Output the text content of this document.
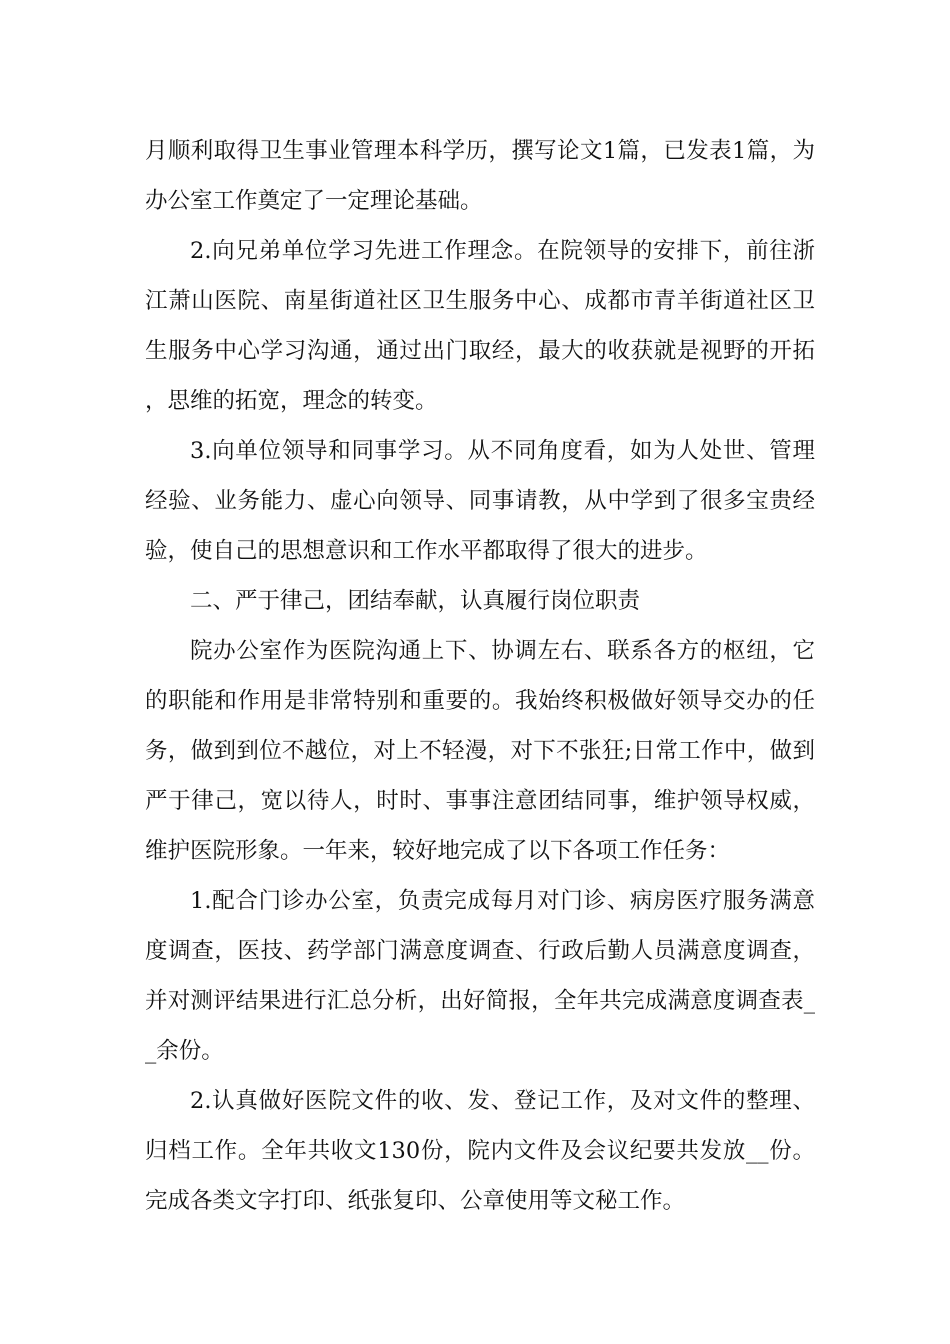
月顺利取得卫生事业管理本科学历，撰写论文1篇，已发表1篇，为办公室工作奠定了一定理论基础。

2.向兄弟单位学习先进工作理念。在院领导的安排下，前往浙江萧山医院、南星街道社区卫生服务中心、成都市青羊街道社区卫生服务中心学习沟通，通过出门取经，最大的收获就是视野的开拓，思维的拓宽，理念的转变。

3.向单位领导和同事学习。从不同角度看，如为人处世、管理经验、业务能力、虚心向领导、同事请教，从中学到了很多宝贵经验，使自己的思想意识和工作水平都取得了很大的进步。

二、严于律己，团结奉献，认真履行岗位职责

院办公室作为医院沟通上下、协调左右、联系各方的枢纽，它的职能和作用是非常特别和重要的。我始终积极做好领导交办的任务，做到到位不越位，对上不轻漫，对下不张狂;日常工作中，做到严于律己，宽以待人，时时、事事注意团结同事，维护领导权威，维护医院形象。一年来，较好地完成了以下各项工作任务：

1.配合门诊办公室，负责完成每月对门诊、病房医疗服务满意度调查，医技、药学部门满意度调查、行政后勤人员满意度调查，并对测评结果进行汇总分析，出好简报，全年共完成满意度调查表__余份。

2.认真做好医院文件的收、发、登记工作，及对文件的整理、归档工作。全年共收文130份，院内文件及会议纪要共发放__份。完成各类文字打印、纸张复印、公章使用等文秘工作。
